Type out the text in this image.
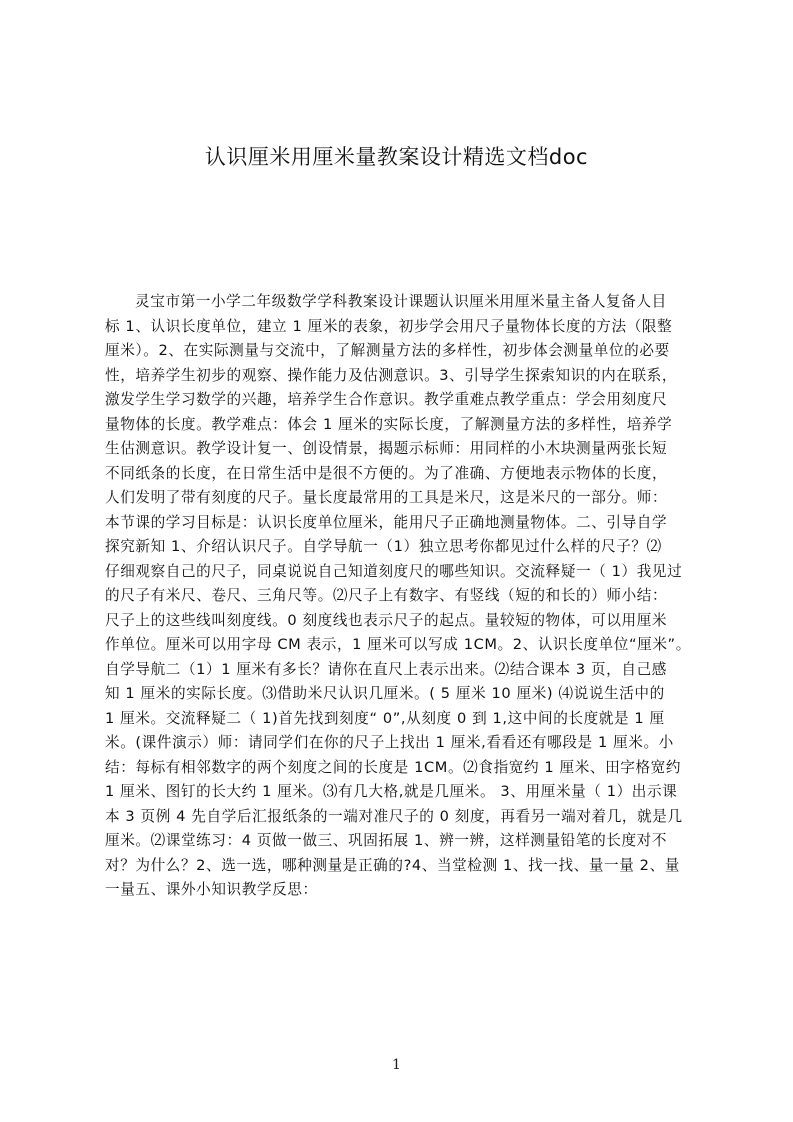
认识厘米用厘米量教案设计精选文档doc
灵宝市第一小学二年级数学学科教案设计课题认识厘米用厘米量主备人复备人目
标 1、认识长度单位，建立 1 厘米的表象，初步学会用尺子量物体长度的方法（限整
厘米）。2、在实际测量与交流中，了解测量方法的多样性，初步体会测量单位的必要
性，培养学生初步的观察、操作能力及估测意识。3、引导学生探索知识的内在联系，
激发学生学习数学的兴趣，培养学生合作意识。教学重难点教学重点：学会用刻度尺
量物体的长度。教学难点：体会 1 厘米的实际长度，了解测量方法的多样性，培养学
生估测意识。教学设计复一、创设情景，揭题示标师：用同样的小木块测量两张长短
不同纸条的长度，在日常生活中是很不方便的。为了准确、方便地表示物体的长度，
人们发明了带有刻度的尺子。量长度最常用的工具是米尺，这是米尺的一部分。师：
本节课的学习目标是：认识长度单位厘米，能用尺子正确地测量物体。二、引导自学
探究新知 1、介绍认识尺子。自学导航一（1）独立思考你都见过什么样的尺子？⑵
仔细观察自己的尺子，同桌说说自己知道刻度尺的哪些知识。交流释疑一（ 1）我见过
的尺子有米尺、卷尺、三角尺等。⑵尺子上有数字、有竖线（短的和长的）师小结：
尺子上的这些线叫刻度线。0 刻度线也表示尺子的起点。量较短的物体，可以用厘米
作单位。厘米可以用字母 CM 表示，1 厘米可以写成 1CM。2、认识长度单位“厘米”。
自学导航二（1）1 厘米有多长？请你在直尺上表示出来。⑵结合课本 3 页，自己感
知 1 厘米的实际长度。⑶借助米尺认识几厘米。( 5 厘米 10 厘米) ⑷说说生活中的
1 厘米。交流释疑二（ 1)首先找到刻度“ 0”,从刻度 0 到 1,这中间的长度就是 1 厘
米。(课件演示）师：请同学们在你的尺子上找出 1 厘米,看看还有哪段是 1 厘米。小
结：每标有相邻数字的两个刻度之间的长度是 1CM。⑵食指宽约 1 厘米、田字格宽约
1 厘米、图钉的长大约 1 厘米。⑶有几大格,就是几厘米。 3、用厘米量（ 1）出示课
本 3 页例 4 先自学后汇报纸条的一端对准尺子的 0 刻度，再看另一端对着几，就是几
厘米。⑵课堂练习：4 页做一做三、巩固拓展 1、辨一辨，这样测量铅笔的长度对不
对？为什么？2、选一选，哪种测量是正确的?4、当堂检测 1、找一找、量一量 2、量
一量五、课外小知识教学反思：
1
